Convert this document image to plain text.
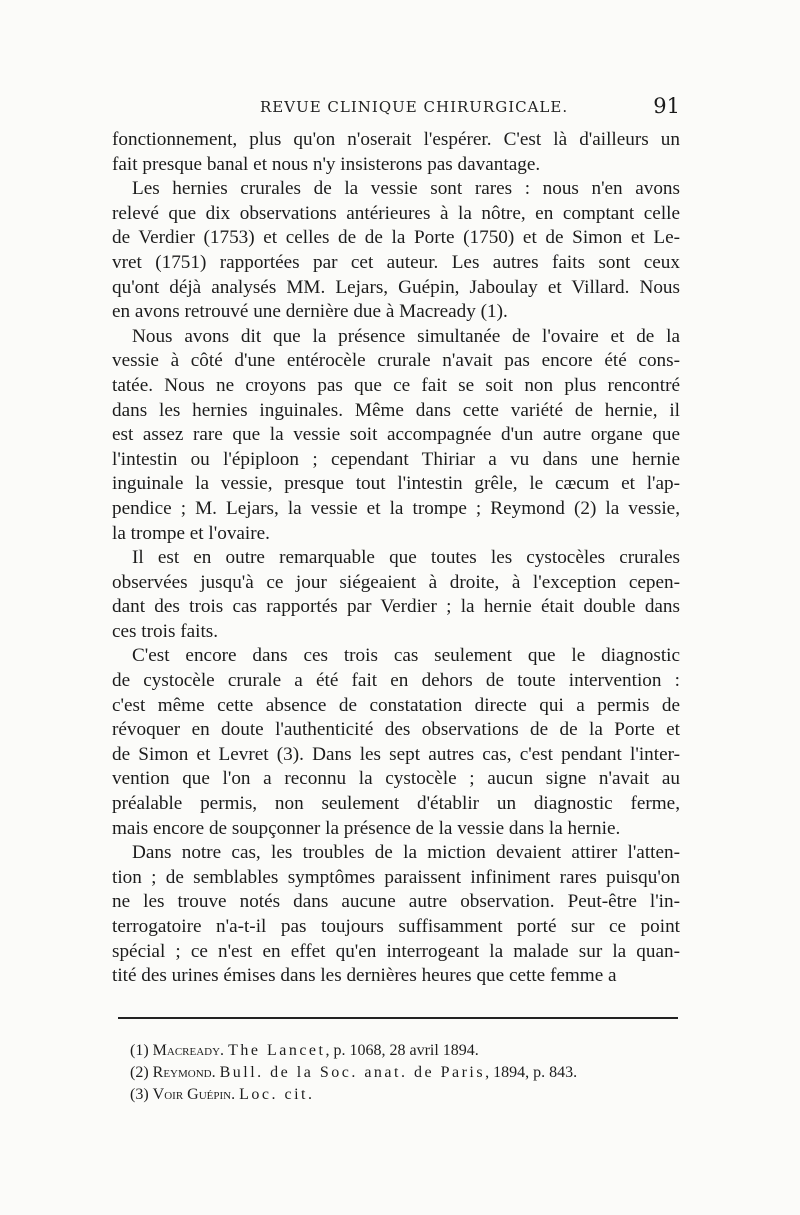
REVUE CLINIQUE CHIRURGICALE.	91

fonctionnement, plus qu'on n'oserait l'espérer. C'est là d'ailleurs un
fait presque banal et nous n'y insisterons pas davantage.

Les hernies crurales de la vessie sont rares : nous n'en avons
relevé que dix observations antérieures à la nôtre, en comptant celle
de Verdier (1753) et celles de de la Porte (1750) et de Simon et Le-
vret (1751) rapportées par cet auteur. Les autres faits sont ceux
qu'ont déjà analysés MM. Lejars, Guépin, Jaboulay et Villard. Nous
en avons retrouvé une dernière due à Macready (1).

Nous avons dit que la présence simultanée de l'ovaire et de la
vessie à côté d'une entérocèle crurale n'avait pas encore été cons-
tatée. Nous ne croyons pas que ce fait se soit non plus rencontré
dans les hernies inguinales. Même dans cette variété de hernie, il
est assez rare que la vessie soit accompagnée d'un autre organe que
l'intestin ou l'épiploon ; cependant Thiriar a vu dans une hernie
inguinale la vessie, presque tout l'intestin grêle, le cæcum et l'ap-
pendice ; M. Lejars, la vessie et la trompe ; Reymond (2) la vessie,
la trompe et l'ovaire.

Il est en outre remarquable que toutes les cystocèles crurales
observées jusqu'à ce jour siégeaient à droite, à l'exception cepen-
dant des trois cas rapportés par Verdier ; la hernie était double dans
ces trois faits.

C'est encore dans ces trois cas seulement que le diagnostic
de cystocèle crurale a été fait en dehors de toute intervention :
c'est même cette absence de constatation directe qui a permis de
révoquer en doute l'authenticité des observations de de la Porte et
de Simon et Levret (3). Dans les sept autres cas, c'est pendant l'inter-
vention que l'on a reconnu la cystocèle ; aucun signe n'avait au
préalable permis, non seulement d'établir un diagnostic ferme,
mais encore de soupçonner la présence de la vessie dans la hernie.

Dans notre cas, les troubles de la miction devaient attirer l'atten-
tion ; de semblables symptômes paraissent infiniment rares puisqu'on
ne les trouve notés dans aucune autre observation. Peut-être l'in-
terrogatoire n'a-t-il pas toujours suffisamment porté sur ce point
spécial ; ce n'est en effet qu'en interrogeant la malade sur la quan-
tité des urines émises dans les dernières heures que cette femme a

(1) Macready. The Lancet, p. 1068, 28 avril 1894.
(2) Reymond. Bull. de la Soc. anat. de Paris, 1894, p. 843.
(3) Voir Guépin. Loc. cit.
